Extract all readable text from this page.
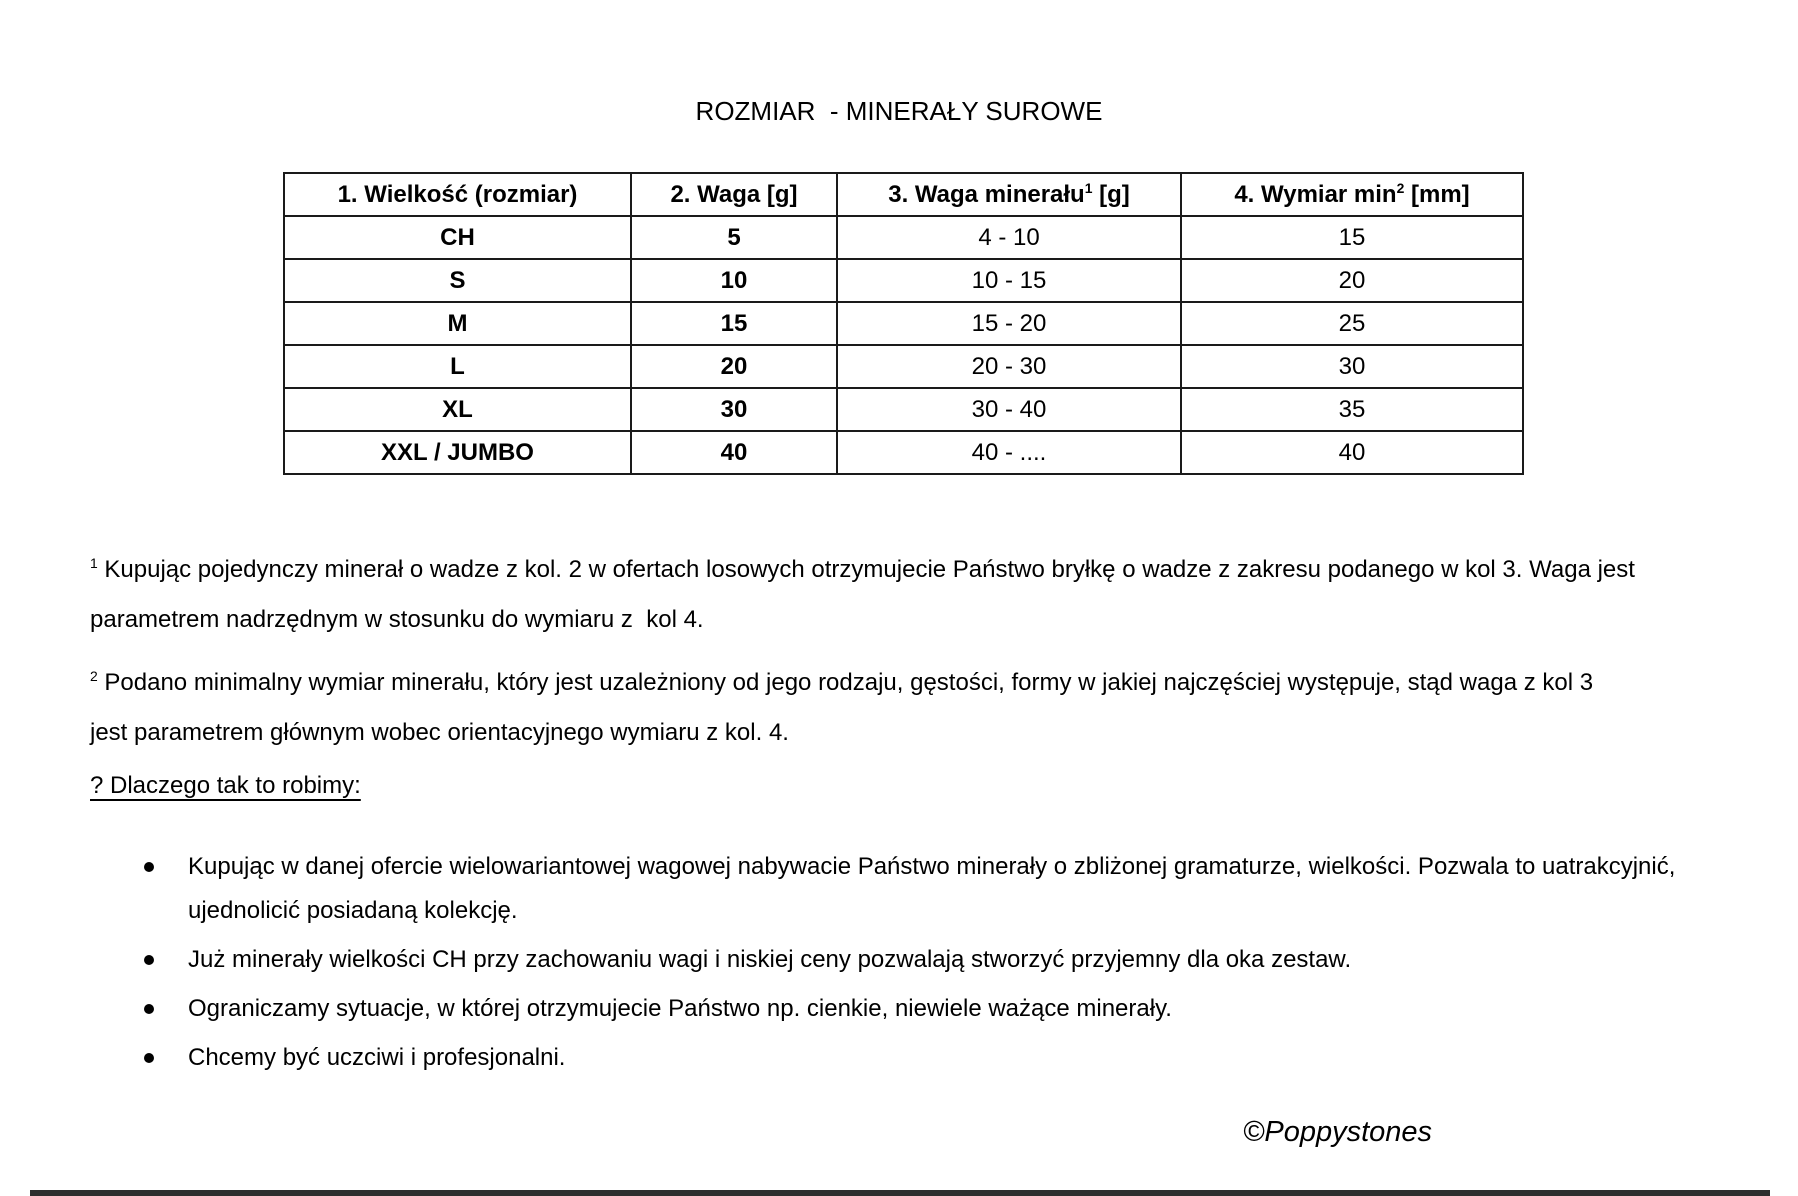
ROZMIAR  - MINERAŁY SUROWE
1. Wielkość (rozmiar)	2. Waga [g]	3. Waga minerału$^1$ [g]	4. Wymiar $\min^2 [mm]$
CH	5	4 - 10	15
S	10	10 - 15	20
M	15	15 - 20	25
L	20	20 - 30	30
XL	30	30 - 40	35
XXL / JUMBO	40	40 - ....	40

$^1$ Kupując pojedynczy minerał o wadze z kol. 2 w ofertach losowych otrzymujecie Państwo bryłkę o wadze z zakresu podanego w kol 3. Waga jest parametrem nadrzędnym w stosunku do wymiaru z  kol 4.

$^2$ Podano minimalny wymiar minerału, który jest uzależniony od jego rodzaju, gęstości, formy w jakiej najczęściej występuje, stąd waga z kol 3 jest parametrem głównym wobec orientacyjnego wymiaru z kol. 4.

? Dlaczego tak to robimy:
Kupując w danej ofercie wielowariantowej wagowej nabywacie Państwo minerały o zbliżonej gramaturze, wielkości. Pozwala to uatrakcyjnić, ujednolicić posiadaną kolekcję.
Już minerały wielkości CH przy zachowaniu wagi i niskiej ceny pozwalają stworzyć przyjemny dla oka zestaw.
Ograniczamy sytuacje, w której otrzymujecie Państwo np. cienkie, niewiele ważące minerały.
Chcemy być uczciwi i profesjonalni.
©Poppystones
